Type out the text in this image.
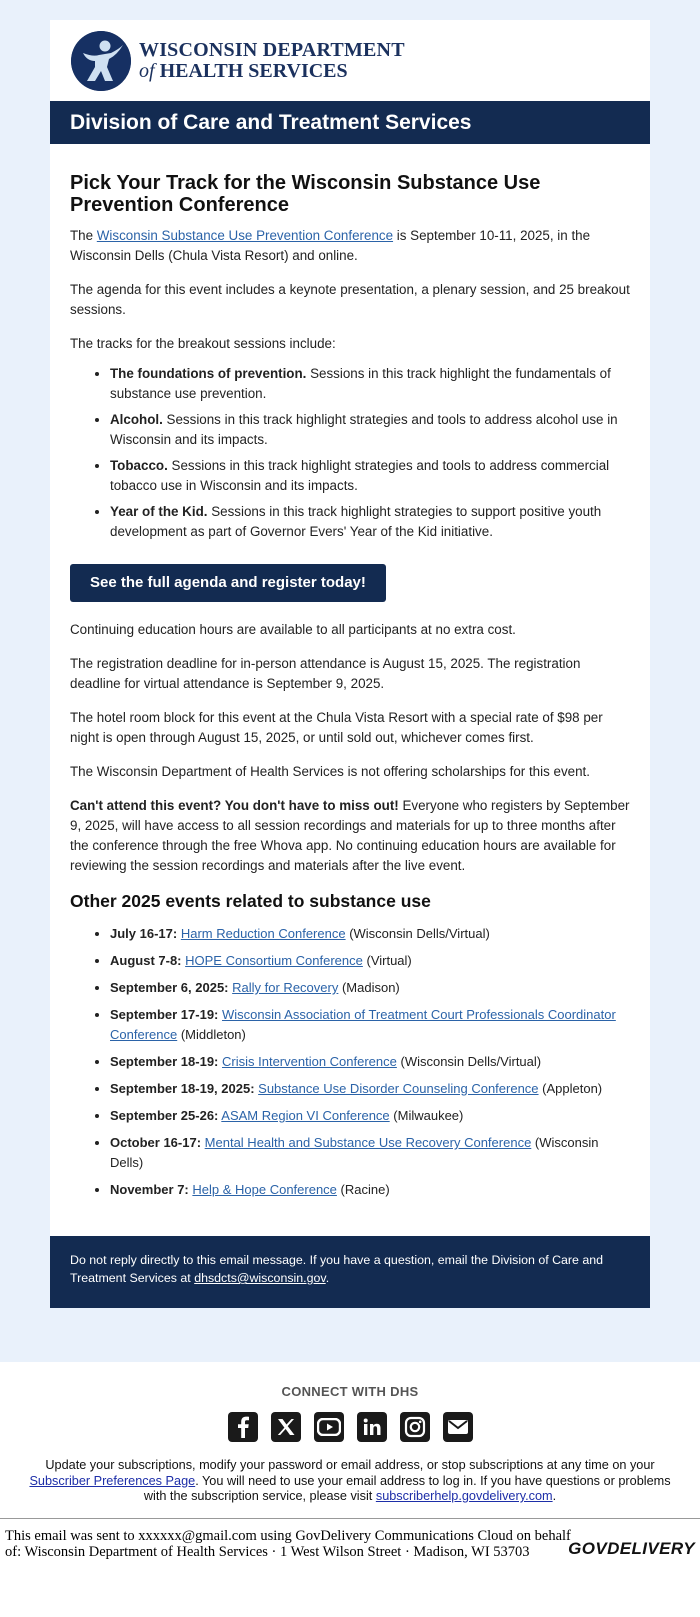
WISCONSIN DEPARTMENT
of HEALTH SERVICES
Division of Care and Treatment Services
Pick Your Track for the Wisconsin Substance Use Prevention Conference

The Wisconsin Substance Use Prevention Conference is September 10-11, 2025, in the Wisconsin Dells (Chula Vista Resort) and online.

The agenda for this event includes a keynote presentation, a plenary session, and 25 breakout sessions.

The tracks for the breakout sessions include:

• The foundations of prevention. Sessions in this track highlight the fundamentals of substance use prevention.
• Alcohol. Sessions in this track highlight strategies and tools to address alcohol use in Wisconsin and its impacts.
• Tobacco. Sessions in this track highlight strategies and tools to address commercial tobacco use in Wisconsin and its impacts.
• Year of the Kid. Sessions in this track highlight strategies to support positive youth development as part of Governor Evers' Year of the Kid initiative.
See the full agenda and register today!

Continuing education hours are available to all participants at no extra cost.

The registration deadline for in-person attendance is August 15, 2025. The registration deadline for virtual attendance is September 9, 2025.

The hotel room block for this event at the Chula Vista Resort with a special rate of $98 per night is open through August 15, 2025, or until sold out, whichever comes first.

The Wisconsin Department of Health Services is not offering scholarships for this event.

Can't attend this event? You don't have to miss out! Everyone who registers by September 9, 2025, will have access to all session recordings and materials for up to three months after the conference through the free Whova app. No continuing education hours are available for reviewing the session recordings and materials after the live event.

Other 2025 events related to substance use
• July 16-17: Harm Reduction Conference (Wisconsin Dells/Virtual)
• August 7-8: HOPE Consortium Conference (Virtual)
• September 6, 2025: Rally for Recovery (Madison)
• September 17-19: Wisconsin Association of Treatment Court Professionals Coordinator Conference (Middleton)
• September 18-19: Crisis Intervention Conference (Wisconsin Dells/Virtual)
• September 18-19, 2025: Substance Use Disorder Counseling Conference (Appleton)
• September 25-26: ASAM Region VI Conference (Milwaukee)
• October 16-17: Mental Health and Substance Use Recovery Conference (Wisconsin Dells)
• November 7: Help & Hope Conference (Racine)
Do not reply directly to this email message. If you have a question, email the Division of Care and Treatment Services at dhsdcts@wisconsin.gov.
CONNECT WITH DHS
Update your subscriptions, modify your password or email address, or stop subscriptions at any time on your Subscriber Preferences Page. You will need to use your email address to log in. If you have questions or problems with the subscription service, please visit subscriberhelp.govdelivery.com.
This email was sent to xxxxxx@gmail.com using GovDelivery Communications Cloud on behalf of: Wisconsin Department of Health Services · 1 West Wilson Street · Madison, WI 53703	GOVDELIVERY
